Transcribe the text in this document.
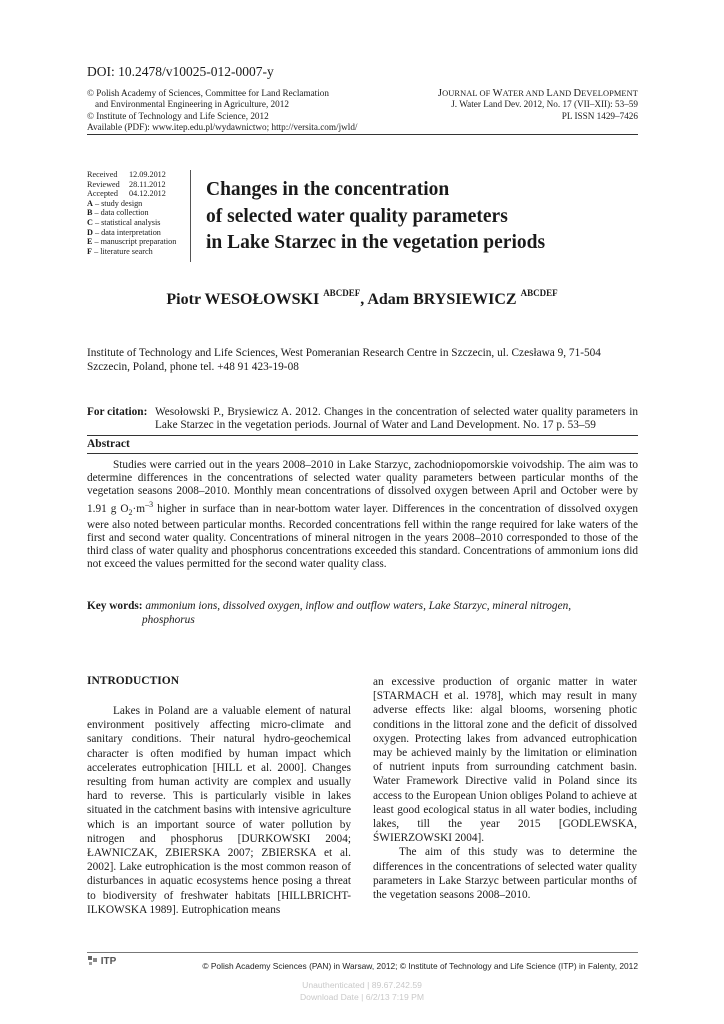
DOI: 10.2478/v10025-012-0007-y
© Polish Academy of Sciences, Committee for Land Reclamation
and Environmental Engineering in Agriculture, 2012
© Institute of Technology and Life Science, 2012
Available (PDF): www.itep.edu.pl/wydawnictwo; http://versita.com/jwld/
JOURNAL OF WATER AND LAND DEVELOPMENT
J. Water Land Dev. 2012, No. 17 (VII–XII): 53–59
PL ISSN 1429–7426
Received	12.09.2012
Reviewed	28.11.2012
Accepted	04.12.2012
A – study design
B – data collection
C – statistical analysis
D – data interpretation
E – manuscript preparation
F – literature search
Changes in the concentration
of selected water quality parameters
in Lake Starzec in the vegetation periods
Piotr WESOŁOWSKI $^{ABCDEF}$, Adam BRYSIEWICZ $^{ABCDEF}$
Institute of Technology and Life Sciences, West Pomeranian Research Centre in Szczecin, ul. Czesława 9, 71-504 Szczecin, Poland, phone tel. +48 91 423-19-08
For citation: Wesołowski P., Brysiewicz A. 2012. Changes in the concentration of selected water quality parameters in Lake Starzec in the vegetation periods. Journal of Water and Land Development. No. 17 p. 53–59
Abstract
Studies were carried out in the years 2008–2010 in Lake Starzyc, zachodniopomorskie voivodship. The aim was to determine differences in the concentrations of selected water quality parameters between particular months of the vegetation seasons 2008–2010. Monthly mean concentrations of dissolved oxygen between April and October were by 1.91 g $O_2\cdot m^{-3}$ higher in surface than in near-bottom water layer. Differences in the concentration of dissolved oxygen were also noted between particular months. Recorded concentrations fell within the range required for lake waters of the first and second water quality. Concentrations of mineral nitrogen in the years 2008–2010 corresponded to those of the third class of water quality and phosphorus concentrations exceeded this standard. Concentrations of ammonium ions did not exceed the values permitted for the second water quality class.
Key words: ammonium ions, dissolved oxygen, inflow and outflow waters, Lake Starzyc, mineral nitrogen,
phosphorus
INTRODUCTION

Lakes in Poland are a valuable element of natural environment positively affecting micro-climate and sanitary conditions. Their natural hydro-geochemical character is often modified by human impact which accelerates eutrophication [HILL et al. 2000]. Changes resulting from human activity are complex and usually hard to reverse. This is particularly visible in lakes situated in the catchment basins with intensive agriculture which is an important source of water pollution by nitrogen and phosphorus [DURKOWSKI 2004; ŁAWNICZAK, ZBIERSKA 2007; ZBIERSKA et al. 2002]. Lake eutrophication is the most common reason of disturbances in aquatic ecosystems hence posing a threat to biodiversity of freshwater habitats [HILLBRICHT-ILKOWSKA 1989]. Eutrophication means

an excessive production of organic matter in water [STARMACH et al. 1978], which may result in many adverse effects like: algal blooms, worsening photic conditions in the littoral zone and the deficit of dissolved oxygen. Protecting lakes from advanced eutrophication may be achieved mainly by the limitation or elimination of nutrient inputs from surrounding catchment basin. Water Framework Directive valid in Poland since its access to the European Union obliges Poland to achieve at least good ecological status in all water bodies, including lakes, till the year 2015 [GODLEWSKA, ŚWIERZOWSKI 2004].

The aim of this study was to determine the differences in the concentrations of selected water quality parameters in Lake Starzyc between particular months of the vegetation seasons 2008–2010.

ITP	© Polish Academy Sciences (PAN) in Warsaw, 2012; © Institute of Technology and Life Science (ITP) in Falenty, 2012
Unauthenticated | 89.67.242.59
Download Date | 6/2/13 7:19 PM
